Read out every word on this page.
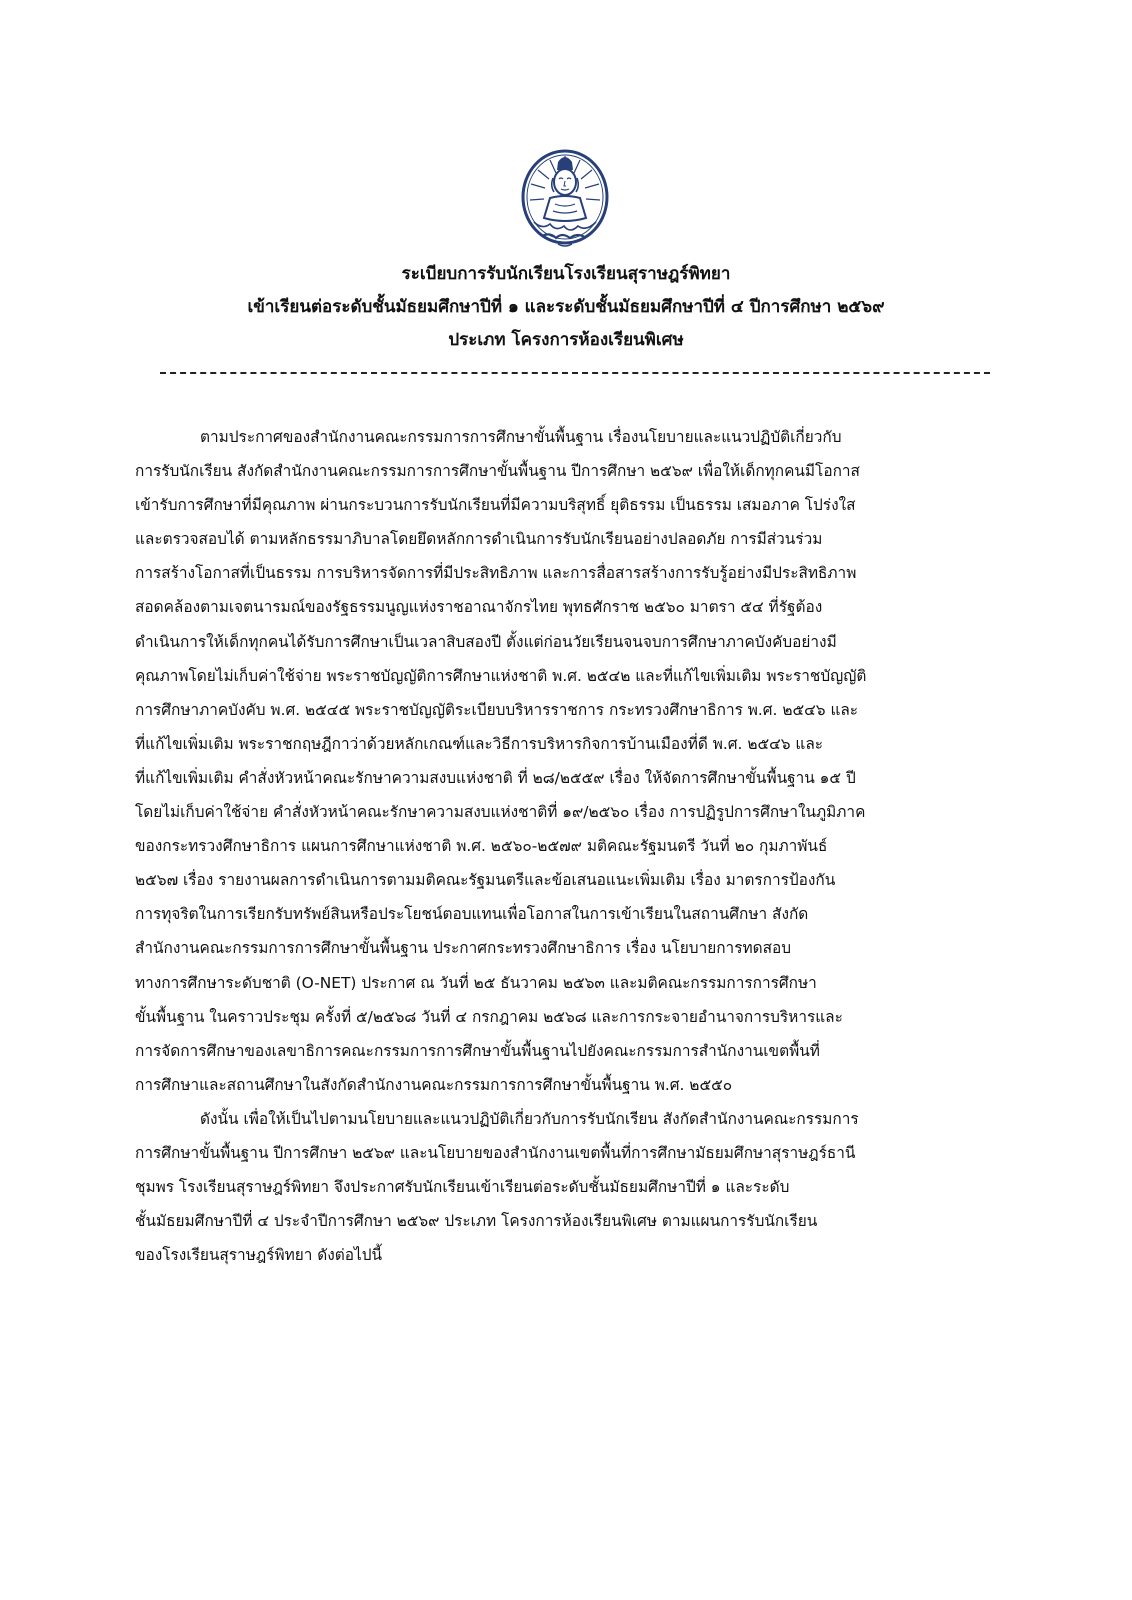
ระเบียบการรับนักเรียนโรงเรียนสุราษฎร์พิทยา
เข้าเรียนต่อระดับชั้นมัธยมศึกษาปีที่ ๑ และระดับชั้นมัธยมศึกษาปีที่ ๔ ปีการศึกษา ๒๕๖๙
ประเภท โครงการห้องเรียนพิเศษ
ตามประกาศของสำนักงานคณะกรรมการการศึกษาขั้นพื้นฐาน เรื่องนโยบายและแนวปฏิบัติเกี่ยวกับ
การรับนักเรียน สังกัดสำนักงานคณะกรรมการการศึกษาขั้นพื้นฐาน ปีการศึกษา ๒๕๖๙ เพื่อให้เด็กทุกคนมีโอกาส
เข้ารับการศึกษาที่มีคุณภาพ ผ่านกระบวนการรับนักเรียนที่มีความบริสุทธิ์ ยุติธรรม เป็นธรรม เสมอภาค โปร่งใส
และตรวจสอบได้ ตามหลักธรรมาภิบาลโดยยึดหลักการดำเนินการรับนักเรียนอย่างปลอดภัย การมีส่วนร่วม
การสร้างโอกาสที่เป็นธรรม การบริหารจัดการที่มีประสิทธิภาพ และการสื่อสารสร้างการรับรู้อย่างมีประสิทธิภาพ
สอดคล้องตามเจตนารมณ์ของรัฐธรรมนูญแห่งราชอาณาจักรไทย พุทธศักราช ๒๕๖๐ มาตรา ๕๔ ที่รัฐต้อง
ดำเนินการให้เด็กทุกคนได้รับการศึกษาเป็นเวลาสิบสองปี ตั้งแต่ก่อนวัยเรียนจนจบการศึกษาภาคบังคับอย่างมี
คุณภาพโดยไม่เก็บค่าใช้จ่าย พระราชบัญญัติการศึกษาแห่งชาติ พ.ศ. ๒๕๔๒ และที่แก้ไขเพิ่มเติม พระราชบัญญัติ
การศึกษาภาคบังคับ พ.ศ. ๒๕๔๕ พระราชบัญญัติระเบียบบริหารราชการ กระทรวงศึกษาธิการ พ.ศ. ๒๕๔๖ และ
ที่แก้ไขเพิ่มเติม พระราชกฤษฎีกาว่าด้วยหลักเกณฑ์และวิธีการบริหารกิจการบ้านเมืองที่ดี พ.ศ. ๒๕๔๖ และ
ที่แก้ไขเพิ่มเติม คำสั่งหัวหน้าคณะรักษาความสงบแห่งชาติ ที่ ๒๘/๒๕๕๙ เรื่อง ให้จัดการศึกษาขั้นพื้นฐาน ๑๕ ปี
โดยไม่เก็บค่าใช้จ่าย คำสั่งหัวหน้าคณะรักษาความสงบแห่งชาติที่ ๑๙/๒๕๖๐ เรื่อง การปฏิรูปการศึกษาในภูมิภาค
ของกระทรวงศึกษาธิการ แผนการศึกษาแห่งชาติ พ.ศ. ๒๕๖๐-๒๕๗๙ มติคณะรัฐมนตรี วันที่ ๒๐ กุมภาพันธ์
๒๕๖๗ เรื่อง รายงานผลการดำเนินการตามมติคณะรัฐมนตรีและข้อเสนอแนะเพิ่มเติม เรื่อง มาตรการป้องกัน
การทุจริตในการเรียกรับทรัพย์สินหรือประโยชน์ตอบแทนเพื่อโอกาสในการเข้าเรียนในสถานศึกษา สังกัด
สำนักงานคณะกรรมการการศึกษาขั้นพื้นฐาน ประกาศกระทรวงศึกษาธิการ เรื่อง นโยบายการทดสอบ
ทางการศึกษาระดับชาติ (O-NET) ประกาศ ณ วันที่ ๒๕ ธันวาคม ๒๕๖๓ และมติคณะกรรมการการศึกษา
ขั้นพื้นฐาน ในคราวประชุม ครั้งที่ ๕/๒๕๖๘ วันที่ ๔ กรกฎาคม ๒๕๖๘ และการกระจายอำนาจการบริหารและ
การจัดการศึกษาของเลขาธิการคณะกรรมการการศึกษาขั้นพื้นฐานไปยังคณะกรรมการสำนักงานเขตพื้นที่
การศึกษาและสถานศึกษาในสังกัดสำนักงานคณะกรรมการการศึกษาขั้นพื้นฐาน พ.ศ. ๒๕๕๐
ดังนั้น เพื่อให้เป็นไปตามนโยบายและแนวปฏิบัติเกี่ยวกับการรับนักเรียน สังกัดสำนักงานคณะกรรมการ
การศึกษาขั้นพื้นฐาน ปีการศึกษา ๒๕๖๙ และนโยบายของสำนักงานเขตพื้นที่การศึกษามัธยมศึกษาสุราษฎร์ธานี
ชุมพร โรงเรียนสุราษฎร์พิทยา จึงประกาศรับนักเรียนเข้าเรียนต่อระดับชั้นมัธยมศึกษาปีที่ ๑ และระดับ
ชั้นมัธยมศึกษาปีที่ ๔ ประจำปีการศึกษา ๒๕๖๙ ประเภท โครงการห้องเรียนพิเศษ ตามแผนการรับนักเรียน
ของโรงเรียนสุราษฎร์พิทยา ดังต่อไปนี้
